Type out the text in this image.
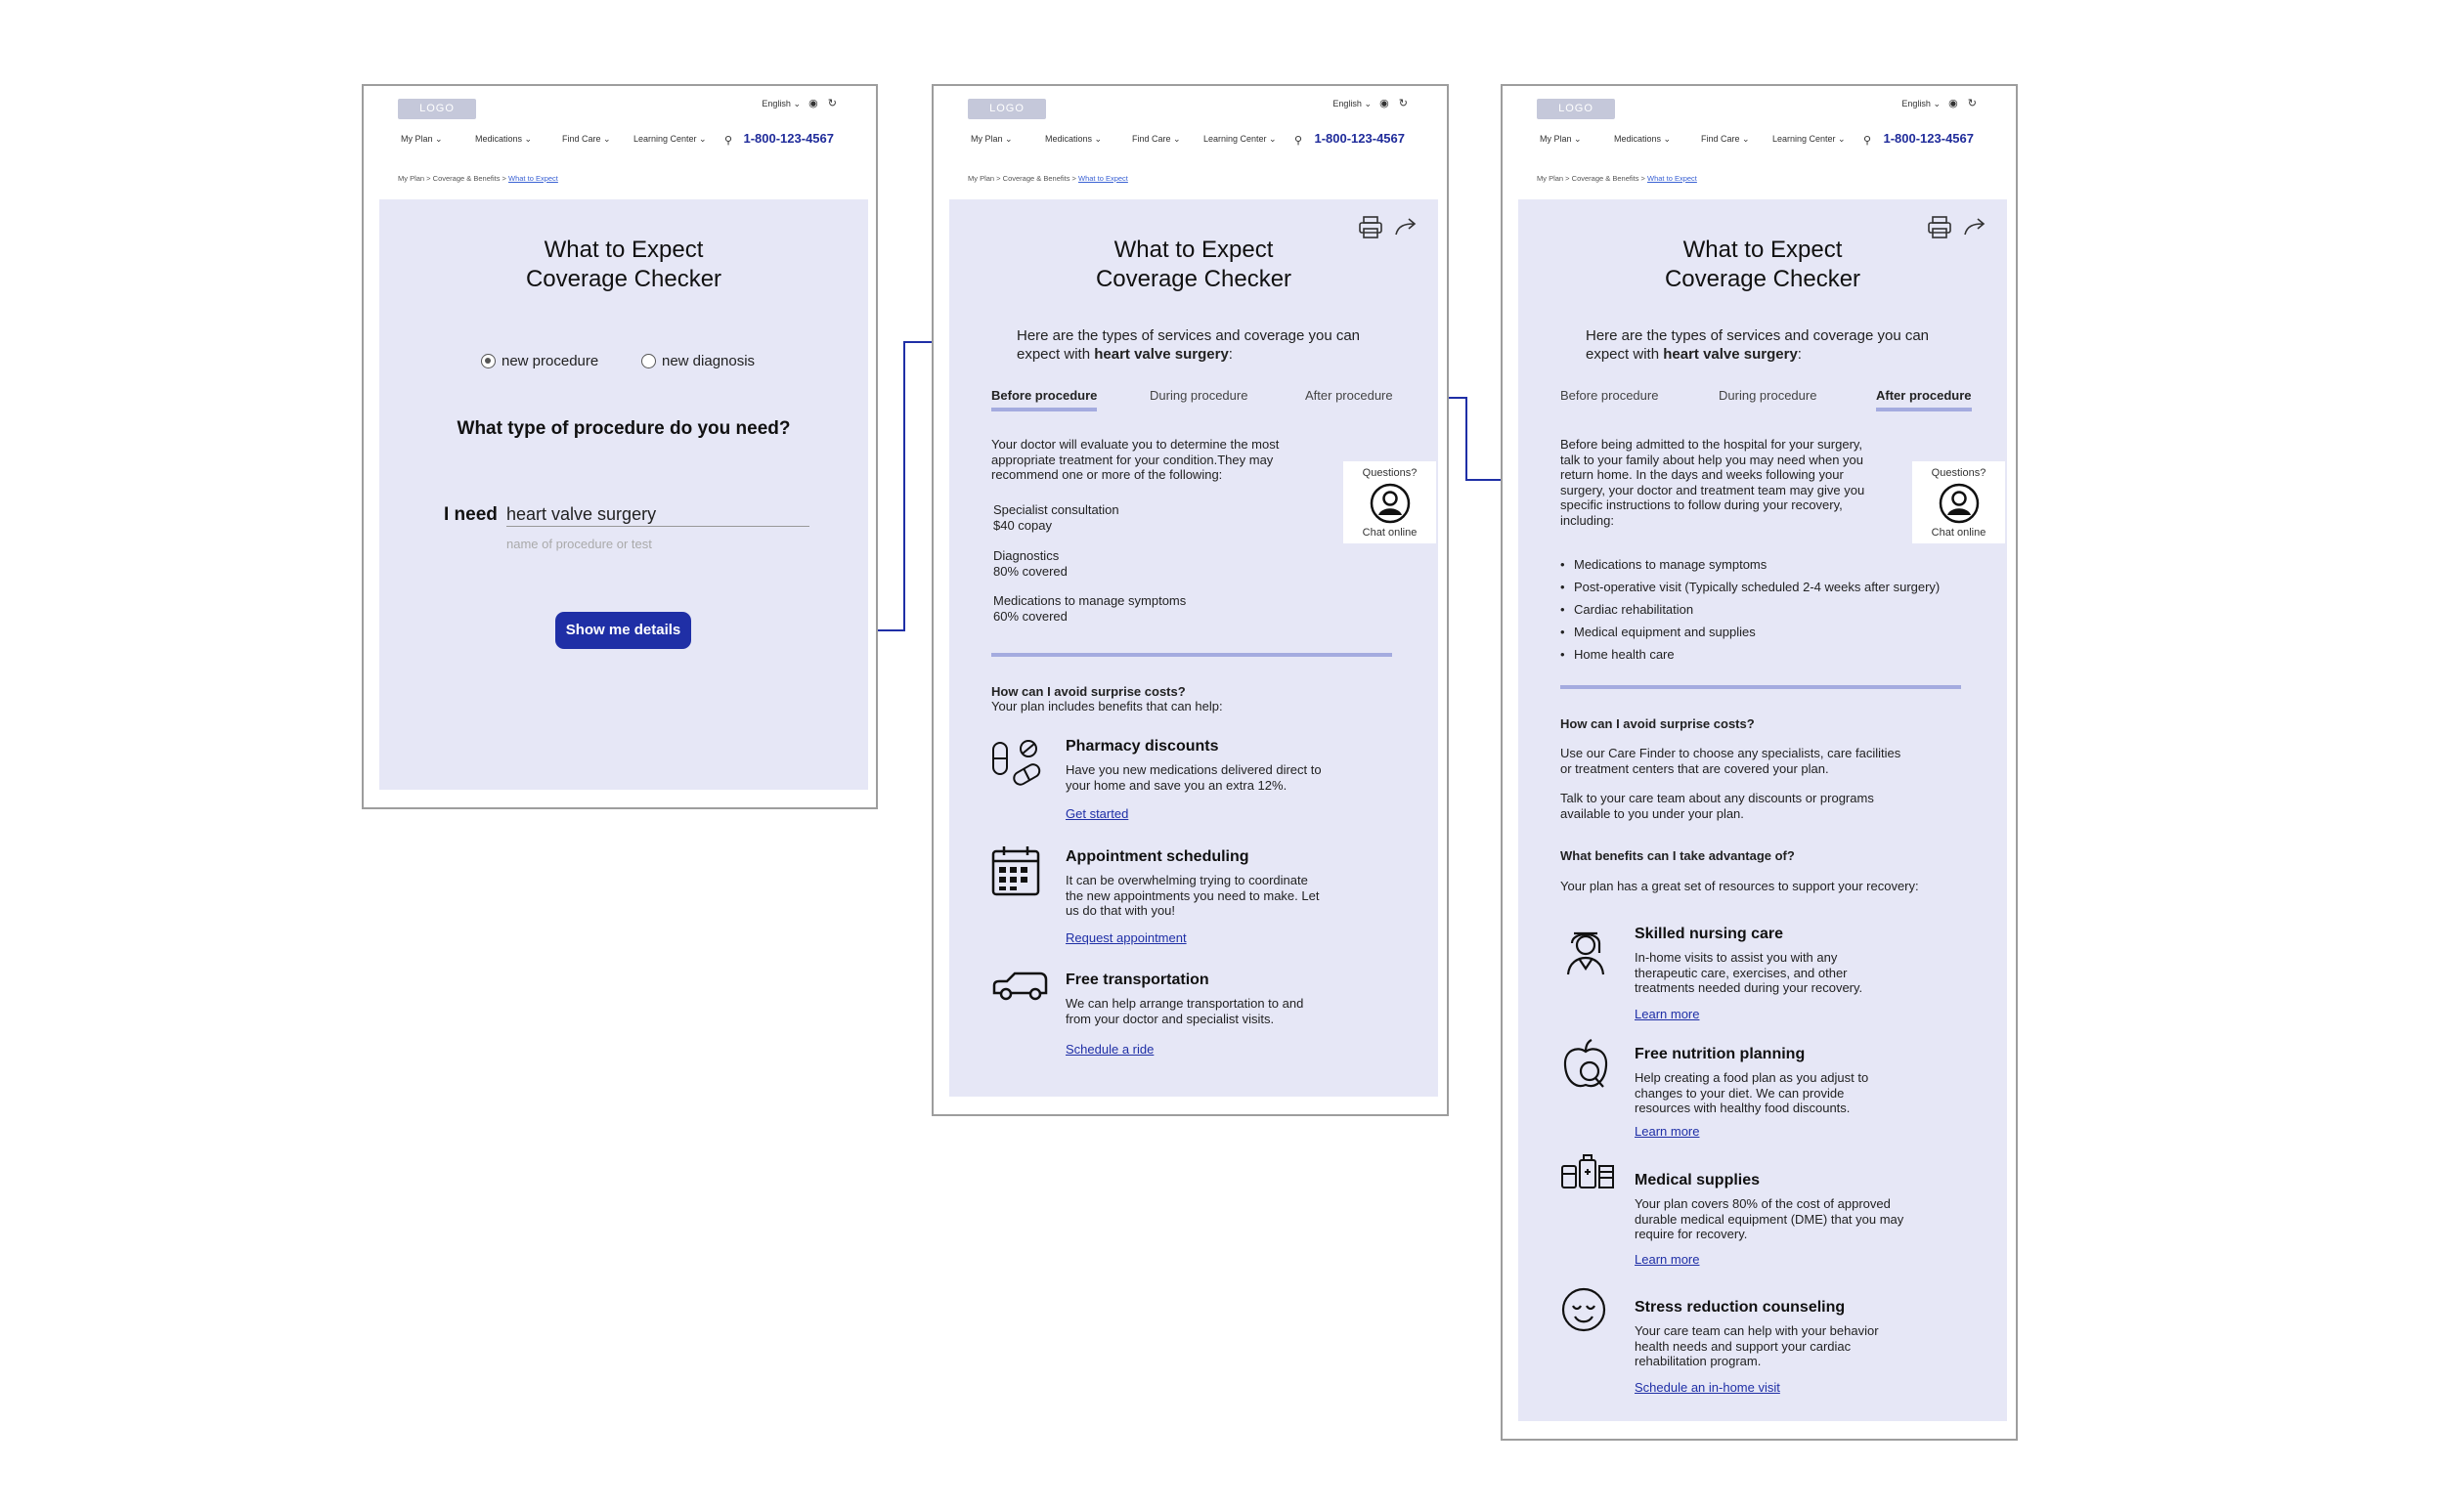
LOGO	English ⌄ ◉ ↻
My Plan ⌄	Medications ⌄	Find Care ⌄	Learning Center ⌄	⚲ 1-800-123-4567
My Plan > Coverage & Benefits > What to Expect
What to Expect
Coverage Checker
new procedure	new diagnosis
What type of procedure do you need?
I need heart valve surgery
name of procedure or test
Show me details
LOGO	English ⌄ ◉ ↻
My Plan ⌄	Medications ⌄	Find Care ⌄	Learning Center ⌄	⚲ 1-800-123-4567
My Plan > Coverage & Benefits > What to Expect
What to Expect
Coverage Checker
Here are the types of services and coverage you can expect with heart valve surgery:
Before procedure	During procedure	After procedure
Your doctor will evaluate you to determine the most appropriate treatment for your condition.They may recommend one or more of the following:	Questions?
Chat online
Specialist consultation
$40 copay
Diagnostics
80% covered
Medications to manage symptoms
60% covered
How can I avoid surprise costs?
Your plan includes benefits that can help:
Pharmacy discounts
Have you new medications delivered direct to your home and save you an extra 12%.
Get started
Appointment scheduling
It can be overwhelming trying to coordinate the new appointments you need to make. Let us do that with you!
Request appointment
Free transportation
We can help arrange transportation to and from your doctor and specialist visits.
Schedule a ride
LOGO	English ⌄ ◉ ↻
My Plan ⌄	Medications ⌄	Find Care ⌄	Learning Center ⌄	⚲ 1-800-123-4567
My Plan > Coverage & Benefits > What to Expect
What to Expect
Coverage Checker
Here are the types of services and coverage you can expect with heart valve surgery:
Before procedure	During procedure	After procedure
Before being admitted to the hospital for your surgery, talk to your family about help you may need when you return home. In the days and weeks following your surgery, your doctor and treatment team may give you specific instructions to follow during your recovery, including:
Questions?
Chat online
• Medications to manage symptoms
• Post-operative visit (Typically scheduled 2-4 weeks after surgery)
• Cardiac rehabilitation
• Medical equipment and supplies
• Home health care
How can I avoid surprise costs?
Use our Care Finder to choose any specialists, care facilities or treatment centers that are covered your plan.
Talk to your care team about any discounts or programs available to you under your plan.
What benefits can I take advantage of?
Your plan has a great set of resources to support your recovery:
Skilled nursing care
In-home visits to assist you with any therapeutic care, exercises, and other treatments needed during your recovery.
Learn more
Free nutrition planning
Help creating a food plan as you adjust to changes to your diet. We can provide resources with healthy food discounts.
Learn more
Medical supplies
Your plan covers 80% of the cost of approved durable medical equipment (DME) that you may require for recovery.
Learn more
Stress reduction counseling
Your care team can help with your behavior health needs and support your cardiac rehabilitation program.
Schedule an in-home visit
